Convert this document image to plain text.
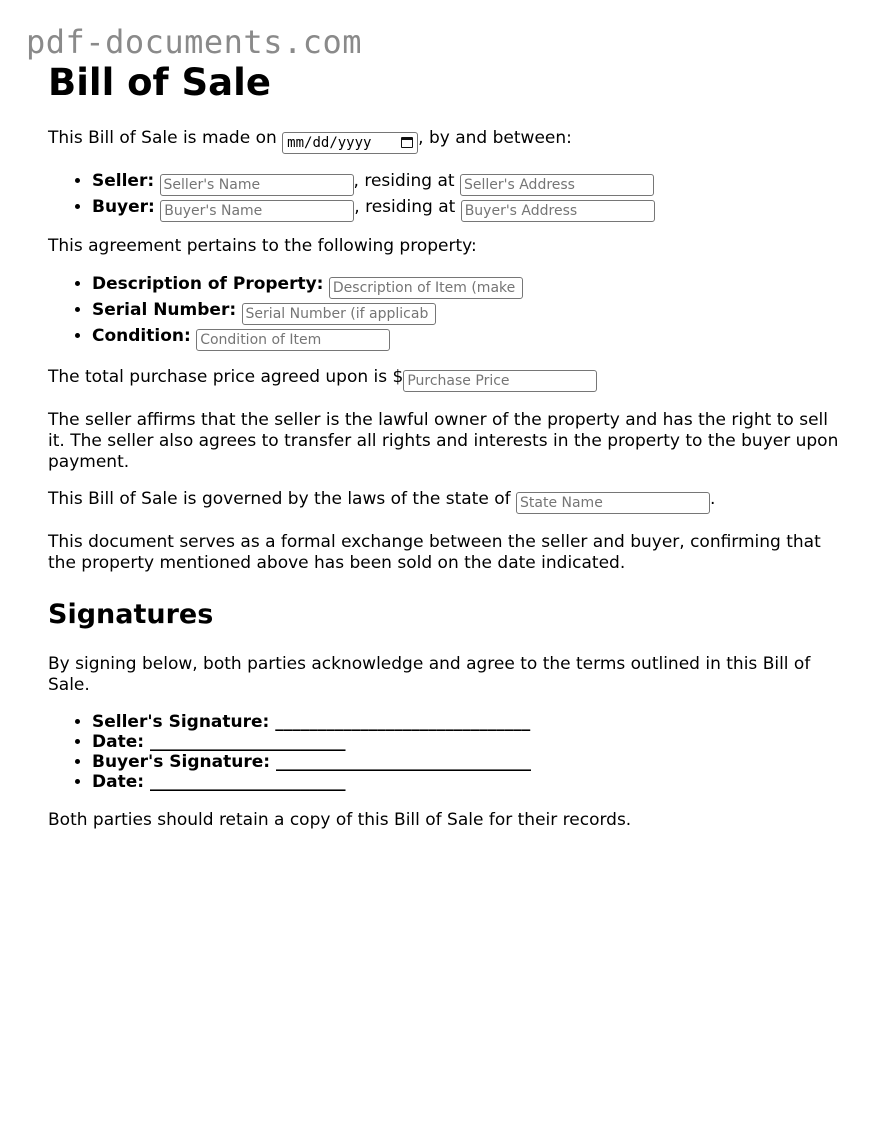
pdf-documents.com
Bill of Sale

This Bill of Sale is made on mm/dd/yyyy	, by and between:

• Seller: Seller's Name	, residing at Seller's Address
• Buyer: Buyer's Name	, residing at Buyer's Address

This agreement pertains to the following property:

• Description of Property: Description of Item (make
• Serial Number: Serial Number (if applicab
• Condition: Condition of Item

The total purchase price agreed upon is $Purchase Price

The seller affirms that the seller is the lawful owner of the property and has the right to sell it. The seller also agrees to transfer all rights and interests in the property to the buyer upon payment.

This Bill of Sale is governed by the laws of the state of State Name	.

This document serves as a formal exchange between the seller and buyer, confirming that the property mentioned above has been sold on the date indicated.

Signatures

By signing below, both parties acknowledge and agree to the terms outlined in this Bill of Sale.

• Seller's Signature: ______________________________
• Date: _______________________
• Buyer's Signature: ______________________________
• Date: _______________________

Both parties should retain a copy of this Bill of Sale for their records.
